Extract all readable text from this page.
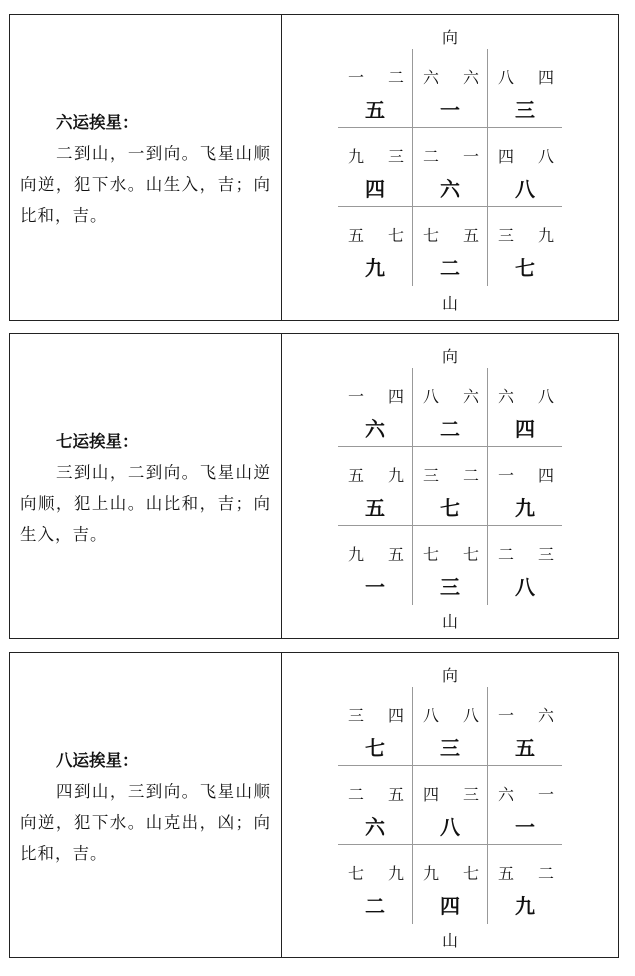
六运挨星：
二到山，一到向。飞星山顺向逆，犯下水。山生入，吉；向比和，吉。
向
一 二
五
六 六
一
八 四
三
九 三
四
二 一
六
四 八
八
五 七
九
七 五
二
三 九
七
山
七运挨星：
三到山，二到向。飞星山逆向顺，犯上山。山比和，吉；向生入，吉。
向
一 四
六
八 六
二
六 八
四
五 九
五
三 二
七
一 四
九
九 五
一
七 七
三
二 三
八
山
八运挨星：
四到山，三到向。飞星山顺向逆，犯下水。山克出，凶；向比和，吉。
向
三 四
七
八 八
三
一 六
五
二 五
六
四 三
八
六 一
一
七 九
二
九 七
四
五 二
九
山
